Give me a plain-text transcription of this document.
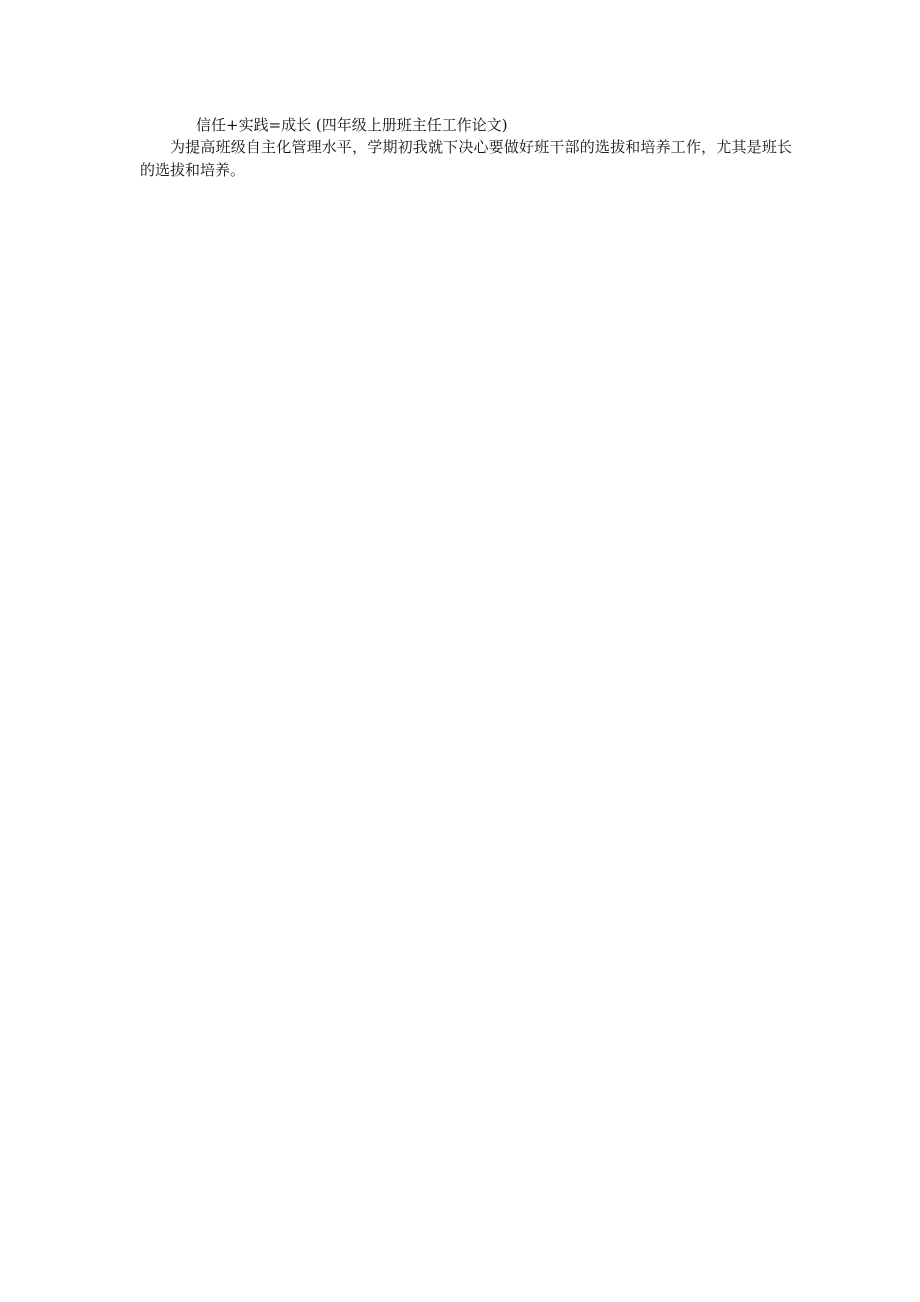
信任+实践=成长 (四年级上册班主任工作论文)

为提高班级自主化管理水平，学期初我就下决心要做好班干部的选拔和培养工作，尤其是班长的选拔和培养。
